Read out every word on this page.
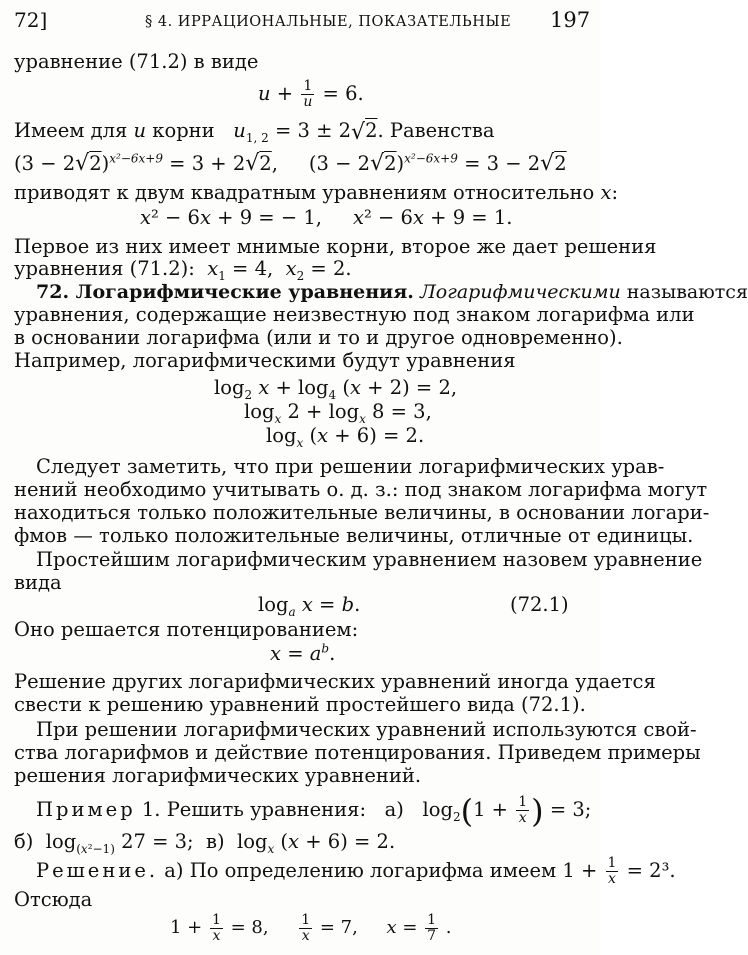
72]	§ 4. ИРРАЦИОНАЛЬНЫЕ, ПОКАЗАТЕЛЬНЫЕ 197
уравнение (71.2) в виде
$u + \frac{1}{u} = 6$.
Имеем для u корни   $u_{1, 2} = 3 \pm 2√2$. Равенства
$(3 - 2√2)^{x^2-6x+9} = 3 + 2√2$,     $(3 - 2√2)^{x^2-6x+9} = 3 - 2√2$
приводят к двум квадратным уравнениям относительно x:
x² − 6x + 9 = − 1,     x² − 6x + 9 = 1.
Первое из них имеет мнимые корни, второе же дает решения
уравнения (71.2):  $x_1 = 4$,  $x_2 = 2$.
72. Логарифмические уравнения. Логарифмическими называются
уравнения, содержащие неизвестную под знаком логарифма или
в основании логарифма (или и то и другое одновременно).
Например, логарифмическими будут уравнения
$\log_2 x + \log_4 (x + 2) = 2$,
$\log_x 2 + \log_x 8 = 3$,
$\log_x (x + 6) = 2$.
Следует заметить, что при решении логарифмических урав-
нений необходимо учитывать о. д. з.: под знаком логарифма могут
находиться только положительные величины, в основании логари-
фмов — только положительные величины, отличные от единицы.
Простейшим логарифмическим уравнением назовем уравнение
вида
$\log_a x = b$.	(72.1)
Оно решается потенцированием:
$x = a^b$.
Решение других логарифмических уравнений иногда удается
свести к решению уравнений простейшего вида (72.1).
При решении логарифмических уравнений используются свой-
ства логарифмов и действие потенцирования. Приведем примеры
решения логарифмических уравнений.
Пример 1. Решить уравнения:   а)   $\log_2(1 + \frac{1}{x}$ ) = 3;
б)  $\log_{(x^2-1)} 27 = 3$;  в)  $\log_x (x + 6) = 2$.
Решение. а) По определению логарифма имеем $1 + \frac{1}{x} = 2^3$.
Отсюда
$1 + \frac{1}{x} = 8$, $\frac{1}{x} = 7$,     $x = \frac{1}{7}$ .
